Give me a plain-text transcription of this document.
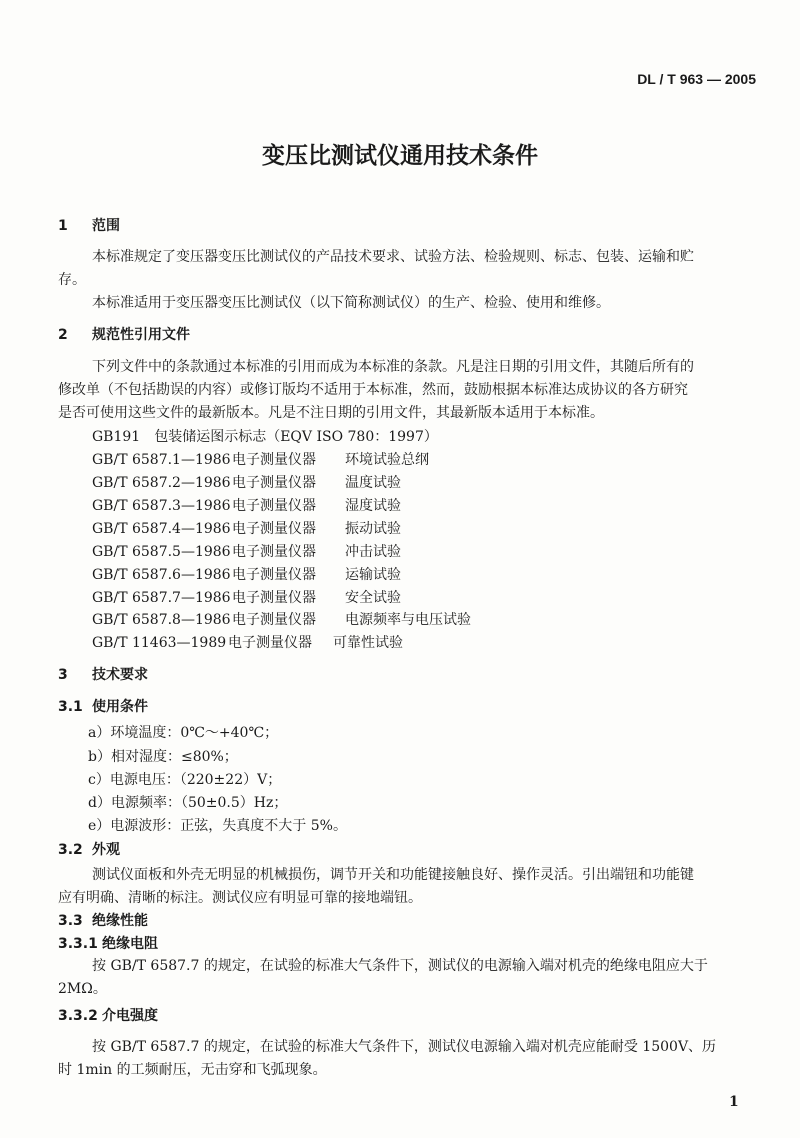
DL / T 963 — 2005
变压比测试仪通用技术条件
1 范围
本标准规定了变压器变压比测试仪的产品技术要求、试验方法、检验规则、标志、包装、运输和贮
存。
本标准适用于变压器变压比测试仪（以下简称测试仪）的生产、检验、使用和维修。
2 规范性引用文件
下列文件中的条款通过本标准的引用而成为本标准的条款。凡是注日期的引用文件，其随后所有的
修改单（不包括勘误的内容）或修订版均不适用于本标准，然而，鼓励根据本标准达成协议的各方研究
是否可使用这些文件的最新版本。凡是不注日期的引用文件，其最新版本适用于本标准。
GB191　包装储运图示标志（EQV ISO 780：1997）
GB/T 6587.1—1986电子测量仪器 环境试验总纲
GB/T 6587.2—1986电子测量仪器 温度试验
GB/T 6587.3—1986电子测量仪器 湿度试验
GB/T 6587.4—1986电子测量仪器 振动试验
GB/T 6587.5—1986电子测量仪器 冲击试验
GB/T 6587.6—1986电子测量仪器 运输试验
GB/T 6587.7—1986电子测量仪器 安全试验
GB/T 6587.8—1986电子测量仪器 电源频率与电压试验
GB/T 11463—1989 电子测量仪器 可靠性试验
3 技术要求
3.1 使用条件
a）环境温度：0℃～+40℃；
b）相对湿度：≤80%；
c）电源电压：（220±22）V；
d）电源频率：（50±0.5）Hz；
e）电源波形：正弦，失真度不大于 5%。
3.2 外观
测试仪面板和外壳无明显的机械损伤，调节开关和功能键接触良好、操作灵活。引出端钮和功能键
应有明确、清晰的标注。测试仪应有明显可靠的接地端钮。
3.3 绝缘性能
3.3.1 绝缘电阻
按 GB/T 6587.7 的规定，在试验的标准大气条件下，测试仪的电源输入端对机壳的绝缘电阻应大于
2MΩ。
3.3.2 介电强度
按 GB/T 6587.7 的规定，在试验的标准大气条件下，测试仪电源输入端对机壳应能耐受 1500V、历
时 1min 的工频耐压，无击穿和飞弧现象。
1
